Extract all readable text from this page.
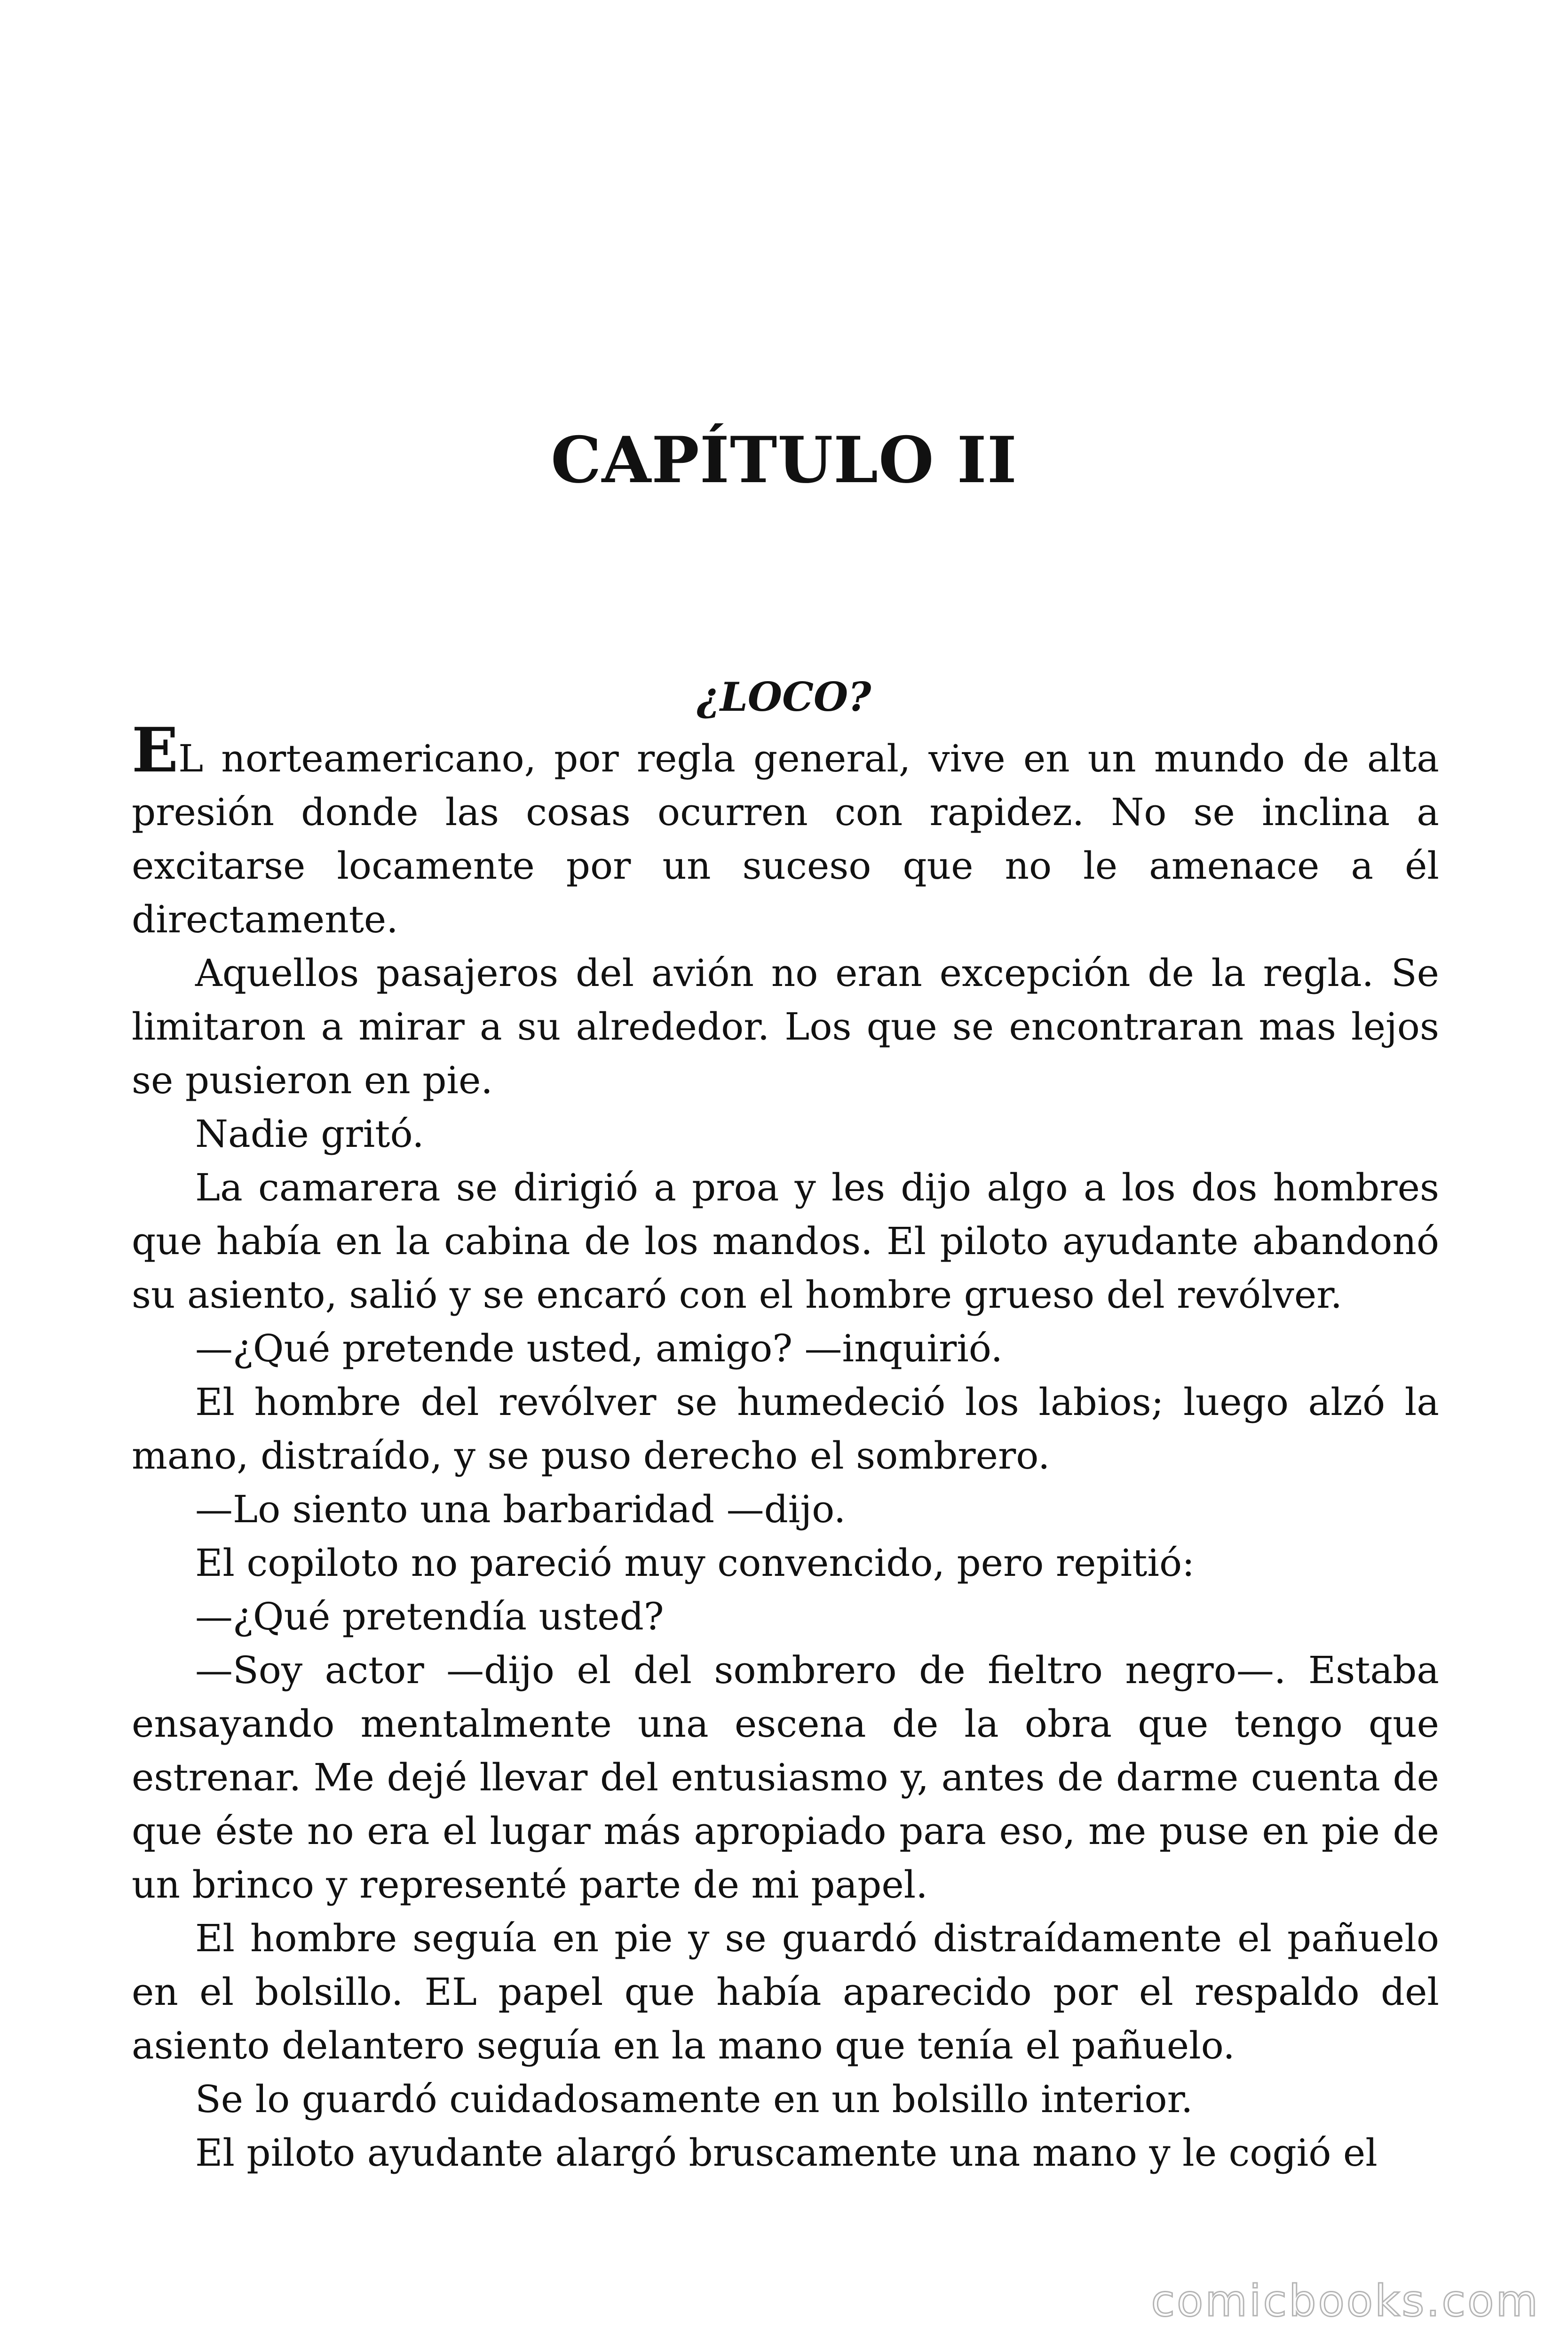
CAPÍTULO II
¿LOCO?

EL norteamericano, por regla general, vive en un mundo de alta presión donde las cosas ocurren con rapidez. No se inclina a excitarse locamente por un suceso que no le amenace a él directamente.

Aquellos pasajeros del avión no eran excepción de la regla. Se limitaron a mirar a su alrededor. Los que se encontraran mas lejos se pusieron en pie.

Nadie gritó.

La camarera se dirigió a proa y les dijo algo a los dos hombres que había en la cabina de los mandos. El piloto ayudante abandonó su asiento, salió y se encaró con el hombre grueso del revólver.

—¿Qué pretende usted, amigo? —inquirió.

El hombre del revólver se humedeció los labios; luego alzó la mano, distraído, y se puso derecho el sombrero.

—Lo siento una barbaridad —dijo.

El copiloto no pareció muy convencido, pero repitió:

—¿Qué pretendía usted?

—Soy actor —dijo el del sombrero de fieltro negro—. Estaba ensayando mentalmente una escena de la obra que tengo que estrenar. Me dejé llevar del entusiasmo y, antes de darme cuenta de que éste no era el lugar más apropiado para eso, me puse en pie de un brinco y representé parte de mi papel.

El hombre seguía en pie y se guardó distraídamente el pañuelo en el bolsillo. EL papel que había aparecido por el respaldo del asiento delantero seguía en la mano que tenía el pañuelo.

Se lo guardó cuidadosamente en un bolsillo interior.

El piloto ayudante alargó bruscamente una mano y le cogió el

comicbooks.com
